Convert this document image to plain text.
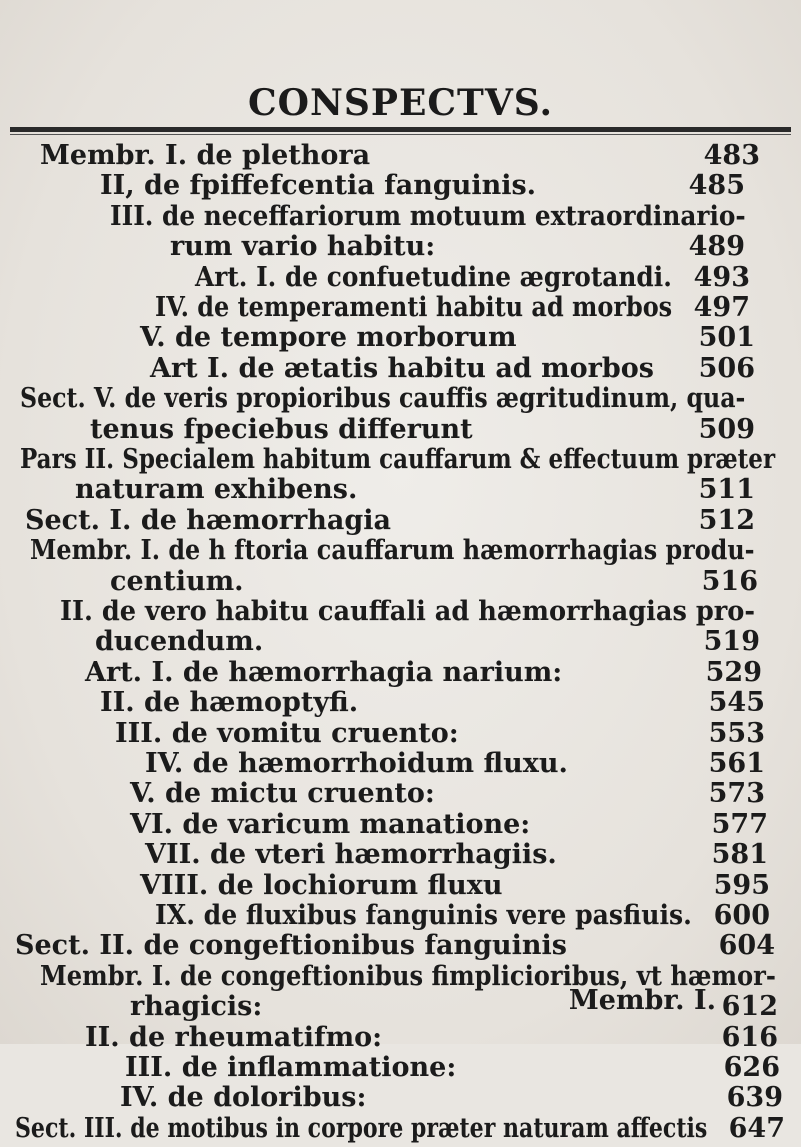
CONSPECTVS.
Membr. I. de plethora	483
II, de fpiffefcentia fanguinis.	485
III. de neceffariorum motuum extraordinario-
rum vario habitu:	489
Art. I. de confuetudine ægrotandi. 493
IV. de temperamenti habitu ad morbos 497
V. de tempore morborum	501
Art I. de ætatis habitu ad morbos	506
Sect. V. de veris propioribus cauffis ægritudinum, qua-
tenus fpeciebus differunt	509
Pars II. Specialem habitum cauffarum & effectuum præter
naturam exhibens.	511
Sect. I. de hæmorrhagia	512
Membr. I. de h ftoria cauffarum hæmorrhagias produ-
centium.	516
II. de vero habitu cauffali ad hæmorrhagias pro-
ducendum.	519
Art. I. de hæmorrhagia narium:	529
II. de hæmoptyfi.	545
III. de vomitu cruento:	553
IV. de hæmorrhoidum fluxu.	561
V. de mictu cruento:	573
VI. de varicum manatione:	577
VII. de vteri hæmorrhagiis.	581
VIII. de lochiorum fluxu	595
IX. de fluxibus fanguinis vere pasfiuis. 600
Sect. II. de congeftionibus fanguinis	604
Membr. I. de congeftionibus fimplicioribus, vt hæmor-
rhagicis:	612
II. de rheumatifmo:	616
III. de inflammatione:	626
IV. de doloribus:	639
Sect. III. de motibus in corpore præter naturam affectis 647
Membr. I.
